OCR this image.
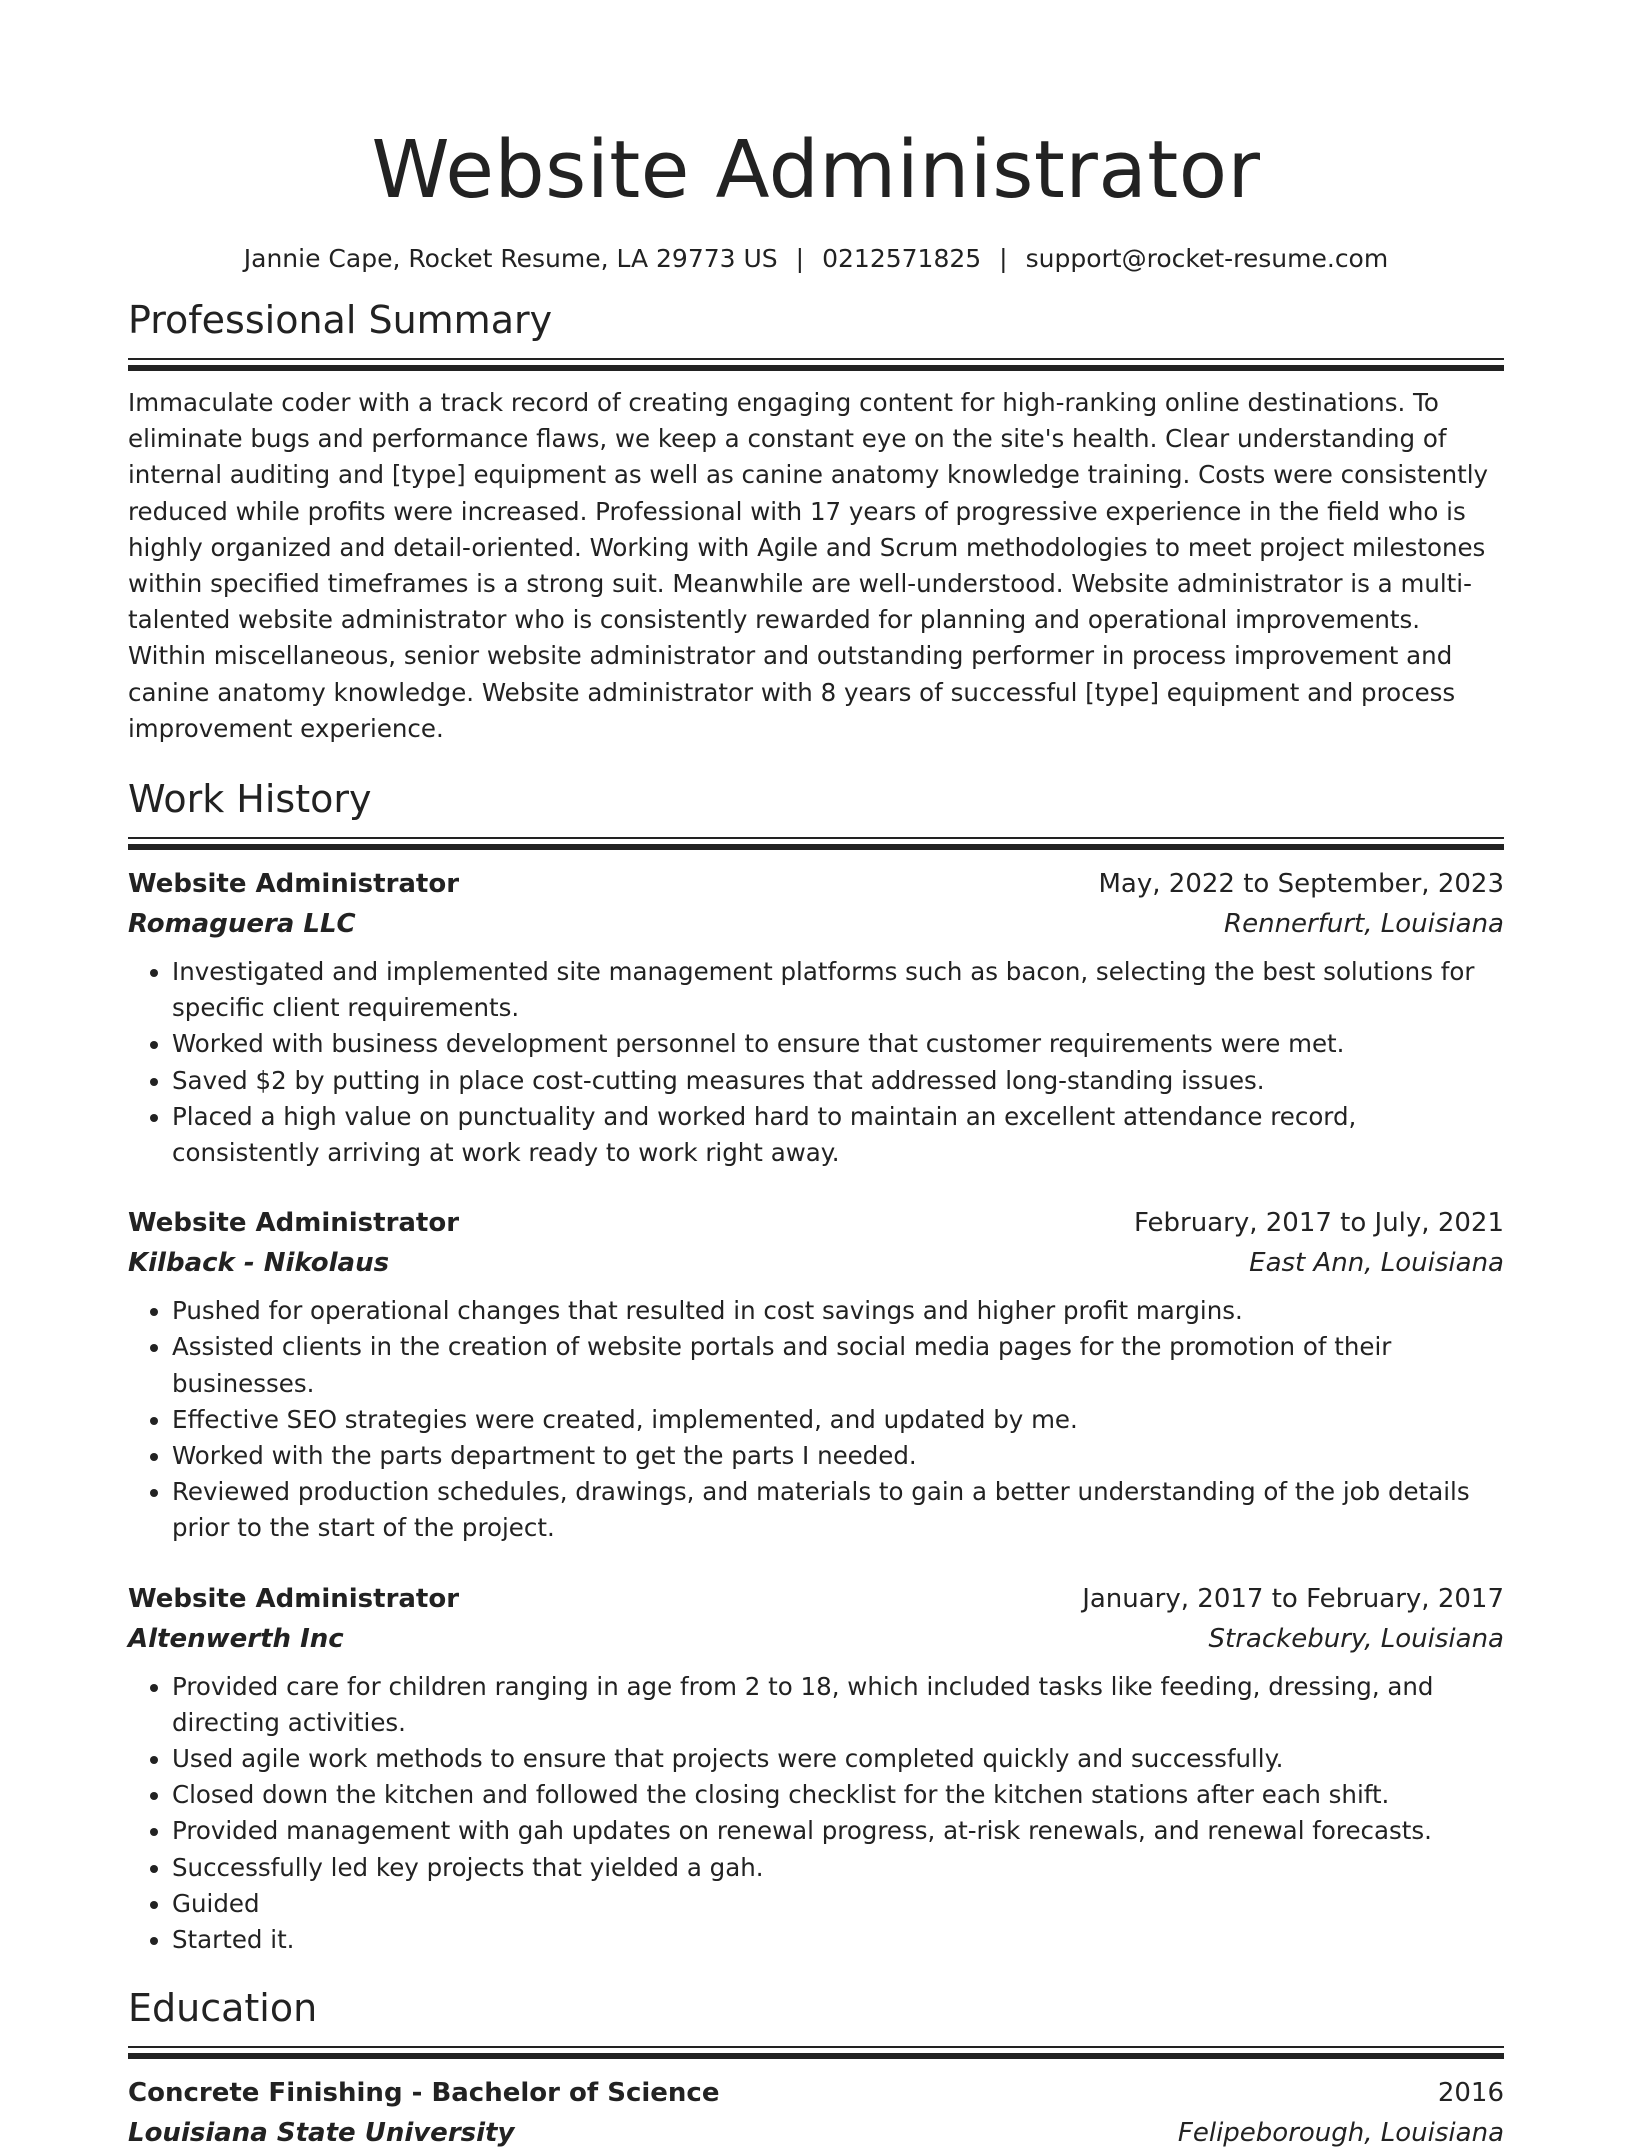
Website Administrator
Jannie Cape, Rocket Resume, LA 29773 US | 0212571825 | support@rocket-resume.com
Professional Summary

Immaculate coder with a track record of creating engaging content for high-ranking online destinations. To eliminate bugs and performance flaws, we keep a constant eye on the site's health. Clear understanding of internal auditing and [type] equipment as well as canine anatomy knowledge training. Costs were consistently reduced while profits were increased. Professional with 17 years of progressive experience in the field who is highly organized and detail-oriented. Working with Agile and Scrum methodologies to meet project milestones within specified timeframes is a strong suit. Meanwhile are well-understood. Website administrator is a multi-talented website administrator who is consistently rewarded for planning and operational improvements. Within miscellaneous, senior website administrator and outstanding performer in process improvement and canine anatomy knowledge. Website administrator with 8 years of successful [type] equipment and process improvement experience.

Work History
Website Administrator	May, 2022 to September, 2023
Romaguera LLC	Rennerfurt, Louisiana
• Investigated and implemented site management platforms such as bacon, selecting the best solutions for specific client requirements.
• Worked with business development personnel to ensure that customer requirements were met.
• Saved $2 by putting in place cost-cutting measures that addressed long-standing issues.
• Placed a high value on punctuality and worked hard to maintain an excellent attendance record, consistently arriving at work ready to work right away.
Website Administrator	February, 2017 to July, 2021
Kilback - Nikolaus	East Ann, Louisiana
• Pushed for operational changes that resulted in cost savings and higher profit margins.
• Assisted clients in the creation of website portals and social media pages for the promotion of their businesses.
• Effective SEO strategies were created, implemented, and updated by me.
• Worked with the parts department to get the parts I needed.
• Reviewed production schedules, drawings, and materials to gain a better understanding of the job details prior to the start of the project.
Website Administrator	January, 2017 to February, 2017
Altenwerth Inc	Strackebury, Louisiana
• Provided care for children ranging in age from 2 to 18, which included tasks like feeding, dressing, and directing activities.
• Used agile work methods to ensure that projects were completed quickly and successfully.
• Closed down the kitchen and followed the closing checklist for the kitchen stations after each shift.
• Provided management with gah updates on renewal progress, at-risk renewals, and renewal forecasts.
• Successfully led key projects that yielded a gah.
• Guided
• Started it.
Education
Concrete Finishing - Bachelor of Science	2016
Louisiana State University	Felipeborough, Louisiana
